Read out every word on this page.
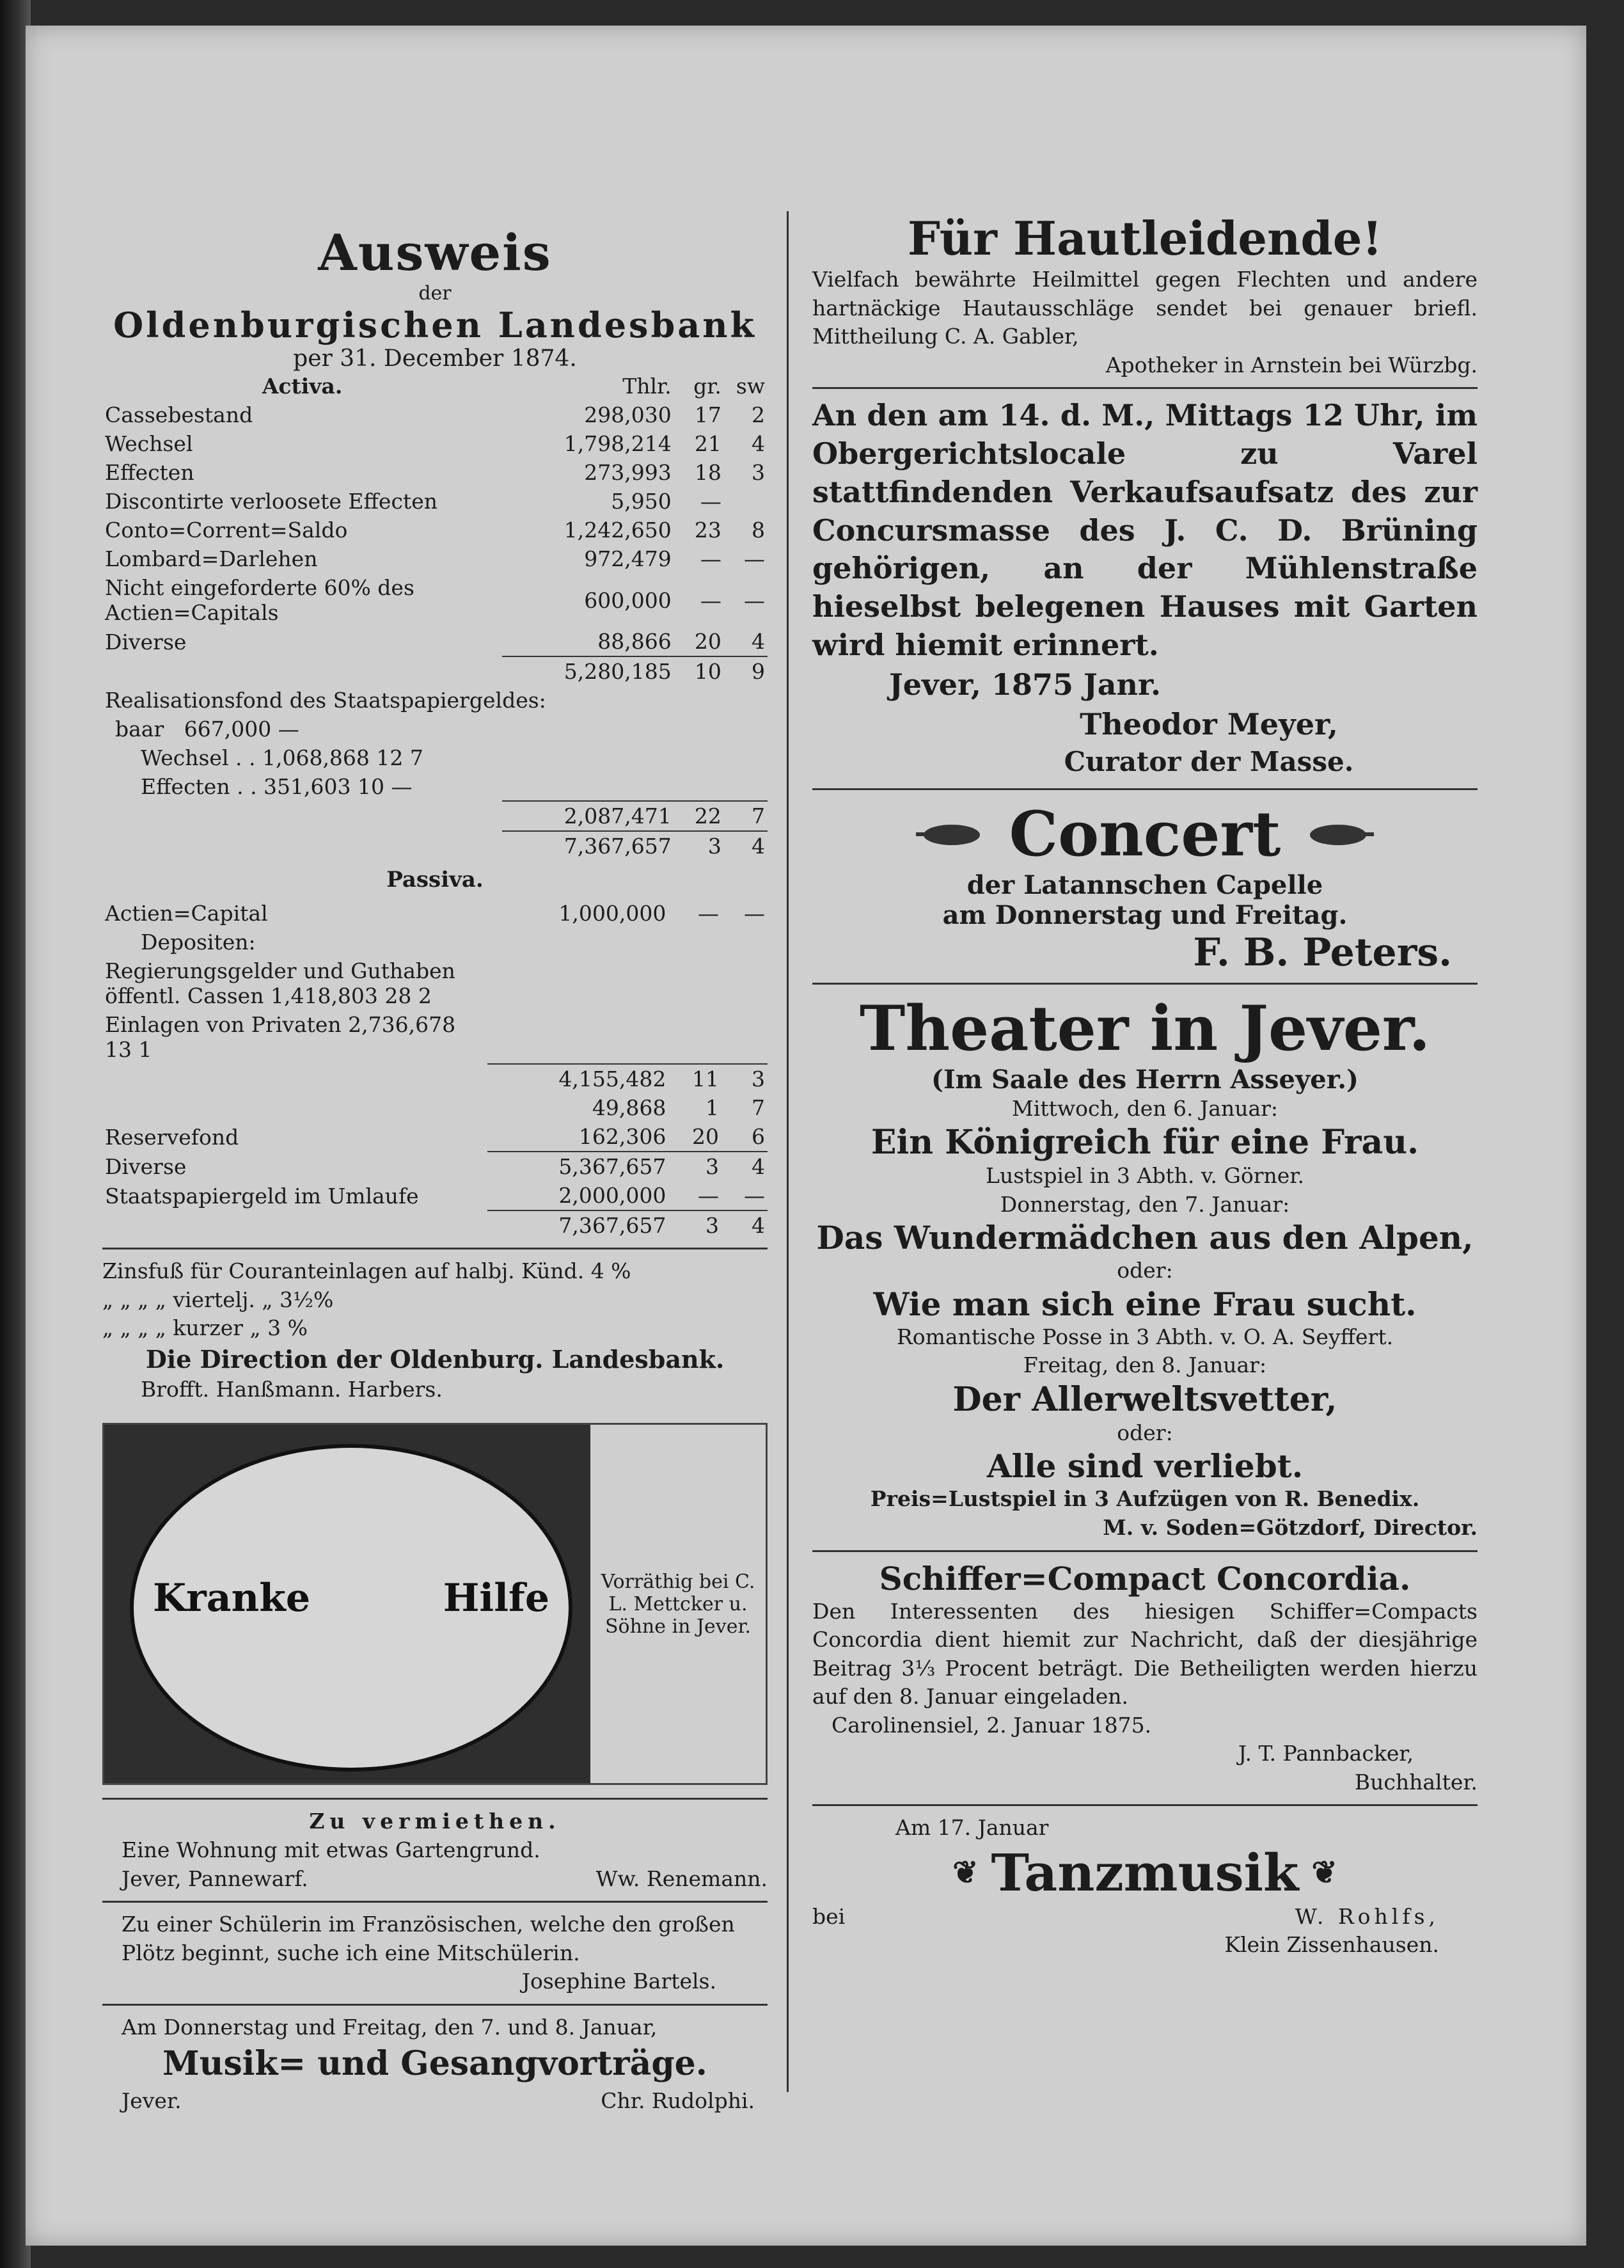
Ausweis
der
Oldenburgischen Landesbank
per 31. December 1874.
Activa.	Thlr.	gr.	sw
Cassebestand	298,030	17	2
Wechsel	1,798,214	21	4
Effecten	273,993	18	3
Discontirte verloosete Effecten	5,950	—	
Conto=Corrent=Saldo	1,242,650	23	8
Lombard=Darlehen	972,479	—	—
Nicht eingeforderte 60% des Actien=Capitals	600,000	—	—
Diverse	88,866	20	4
	5,280,185	10	9
Realisationsfond des Staatspapiergeldes:			
baar 667,000 —			
Wechsel . . 1,068,868 12 7			
Effecten . . 351,603 10 —			
	2,087,471	22	7
	7,367,657	3	4
Passiva.
Actien=Capital	1,000,000	—	—
Depositen:			
Regierungsgelder und Guthaben öffentl. Cassen 1,418,803 28 2			
Einlagen von Privaten 2,736,678 13 1			
	4,155,482	11	3
	49,868	1	7
Reservefond	162,306	20	6
Diverse	5,367,657	3	4
Staatspapiergeld im Umlaufe	2,000,000	—	—
	7,367,657	3	4
Zinsfuß für Couranteinlagen auf halbj. Künd. 4 %
„ „ „ „ viertelj. „ 3½%
„ „ „ „ kurzer „ 3 %
Die Direction der Oldenburg. Landesbank.
Brofft. Hanßmann. Harbers.
Kranke	Hilfe	Vorräthig bei C. L. Mettcker u. Söhne in Jever.
Zu vermiethen.
Eine Wohnung mit etwas Gartengrund.
Jever, Pannewarf.	Ww. Renemann.
Zu einer Schülerin im Französischen, welche den großen Plötz beginnt, suche ich eine Mitschülerin.
Josephine Bartels.
Am Donnerstag und Freitag, den 7. und 8. Januar,
Musik= und Gesangvorträge.
Jever.	Chr. Rudolphi.
Für Hautleidende!
Vielfach bewährte Heilmittel gegen Flechten und andere hartnäckige Hautausschläge sendet bei genauer briefl. Mittheilung C. A. Gabler,
Apotheker in Arnstein bei Würzbg.
An den am 14. d. M., Mittags 12 Uhr, im Obergerichtslocale zu Varel stattfindenden Verkaufsaufsatz des zur Concursmasse des J. C. D. Brüning gehörigen, an der Mühlenstraße hieselbst belegenen Hauses mit Garten wird hiemit erinnert.
Jever, 1875 Janr.
Theodor Meyer,
Curator der Masse.
Concert
der Latannschen Capelle
am Donnerstag und Freitag.
F. B. Peters.
Theater in Jever.
(Im Saale des Herrn Asseyer.)
Mittwoch, den 6. Januar:
Ein Königreich für eine Frau.
Lustspiel in 3 Abth. v. Görner.
Donnerstag, den 7. Januar:
Das Wundermädchen aus den Alpen,
oder:
Wie man sich eine Frau sucht.
Romantische Posse in 3 Abth. v. O. A. Seyffert.
Freitag, den 8. Januar:
Der Allerweltsvetter,
oder:
Alle sind verliebt.
Preis=Lustspiel in 3 Aufzügen von R. Benedix.
M. v. Soden=Götzdorf, Director.
Schiffer=Compact Concordia.
Den Interessenten des hiesigen Schiffer=Compacts Concordia dient hiemit zur Nachricht, daß der diesjährige Beitrag 3⅓ Procent beträgt. Die Betheiligten werden hierzu auf den 8. Januar eingeladen.
Carolinensiel, 2. Januar 1875.
J. T. Pannbacker,
Buchhalter.
Am 17. Januar
❦ Tanzmusik ❦
bei	W. Rohlfs,
Klein Zissenhausen.
